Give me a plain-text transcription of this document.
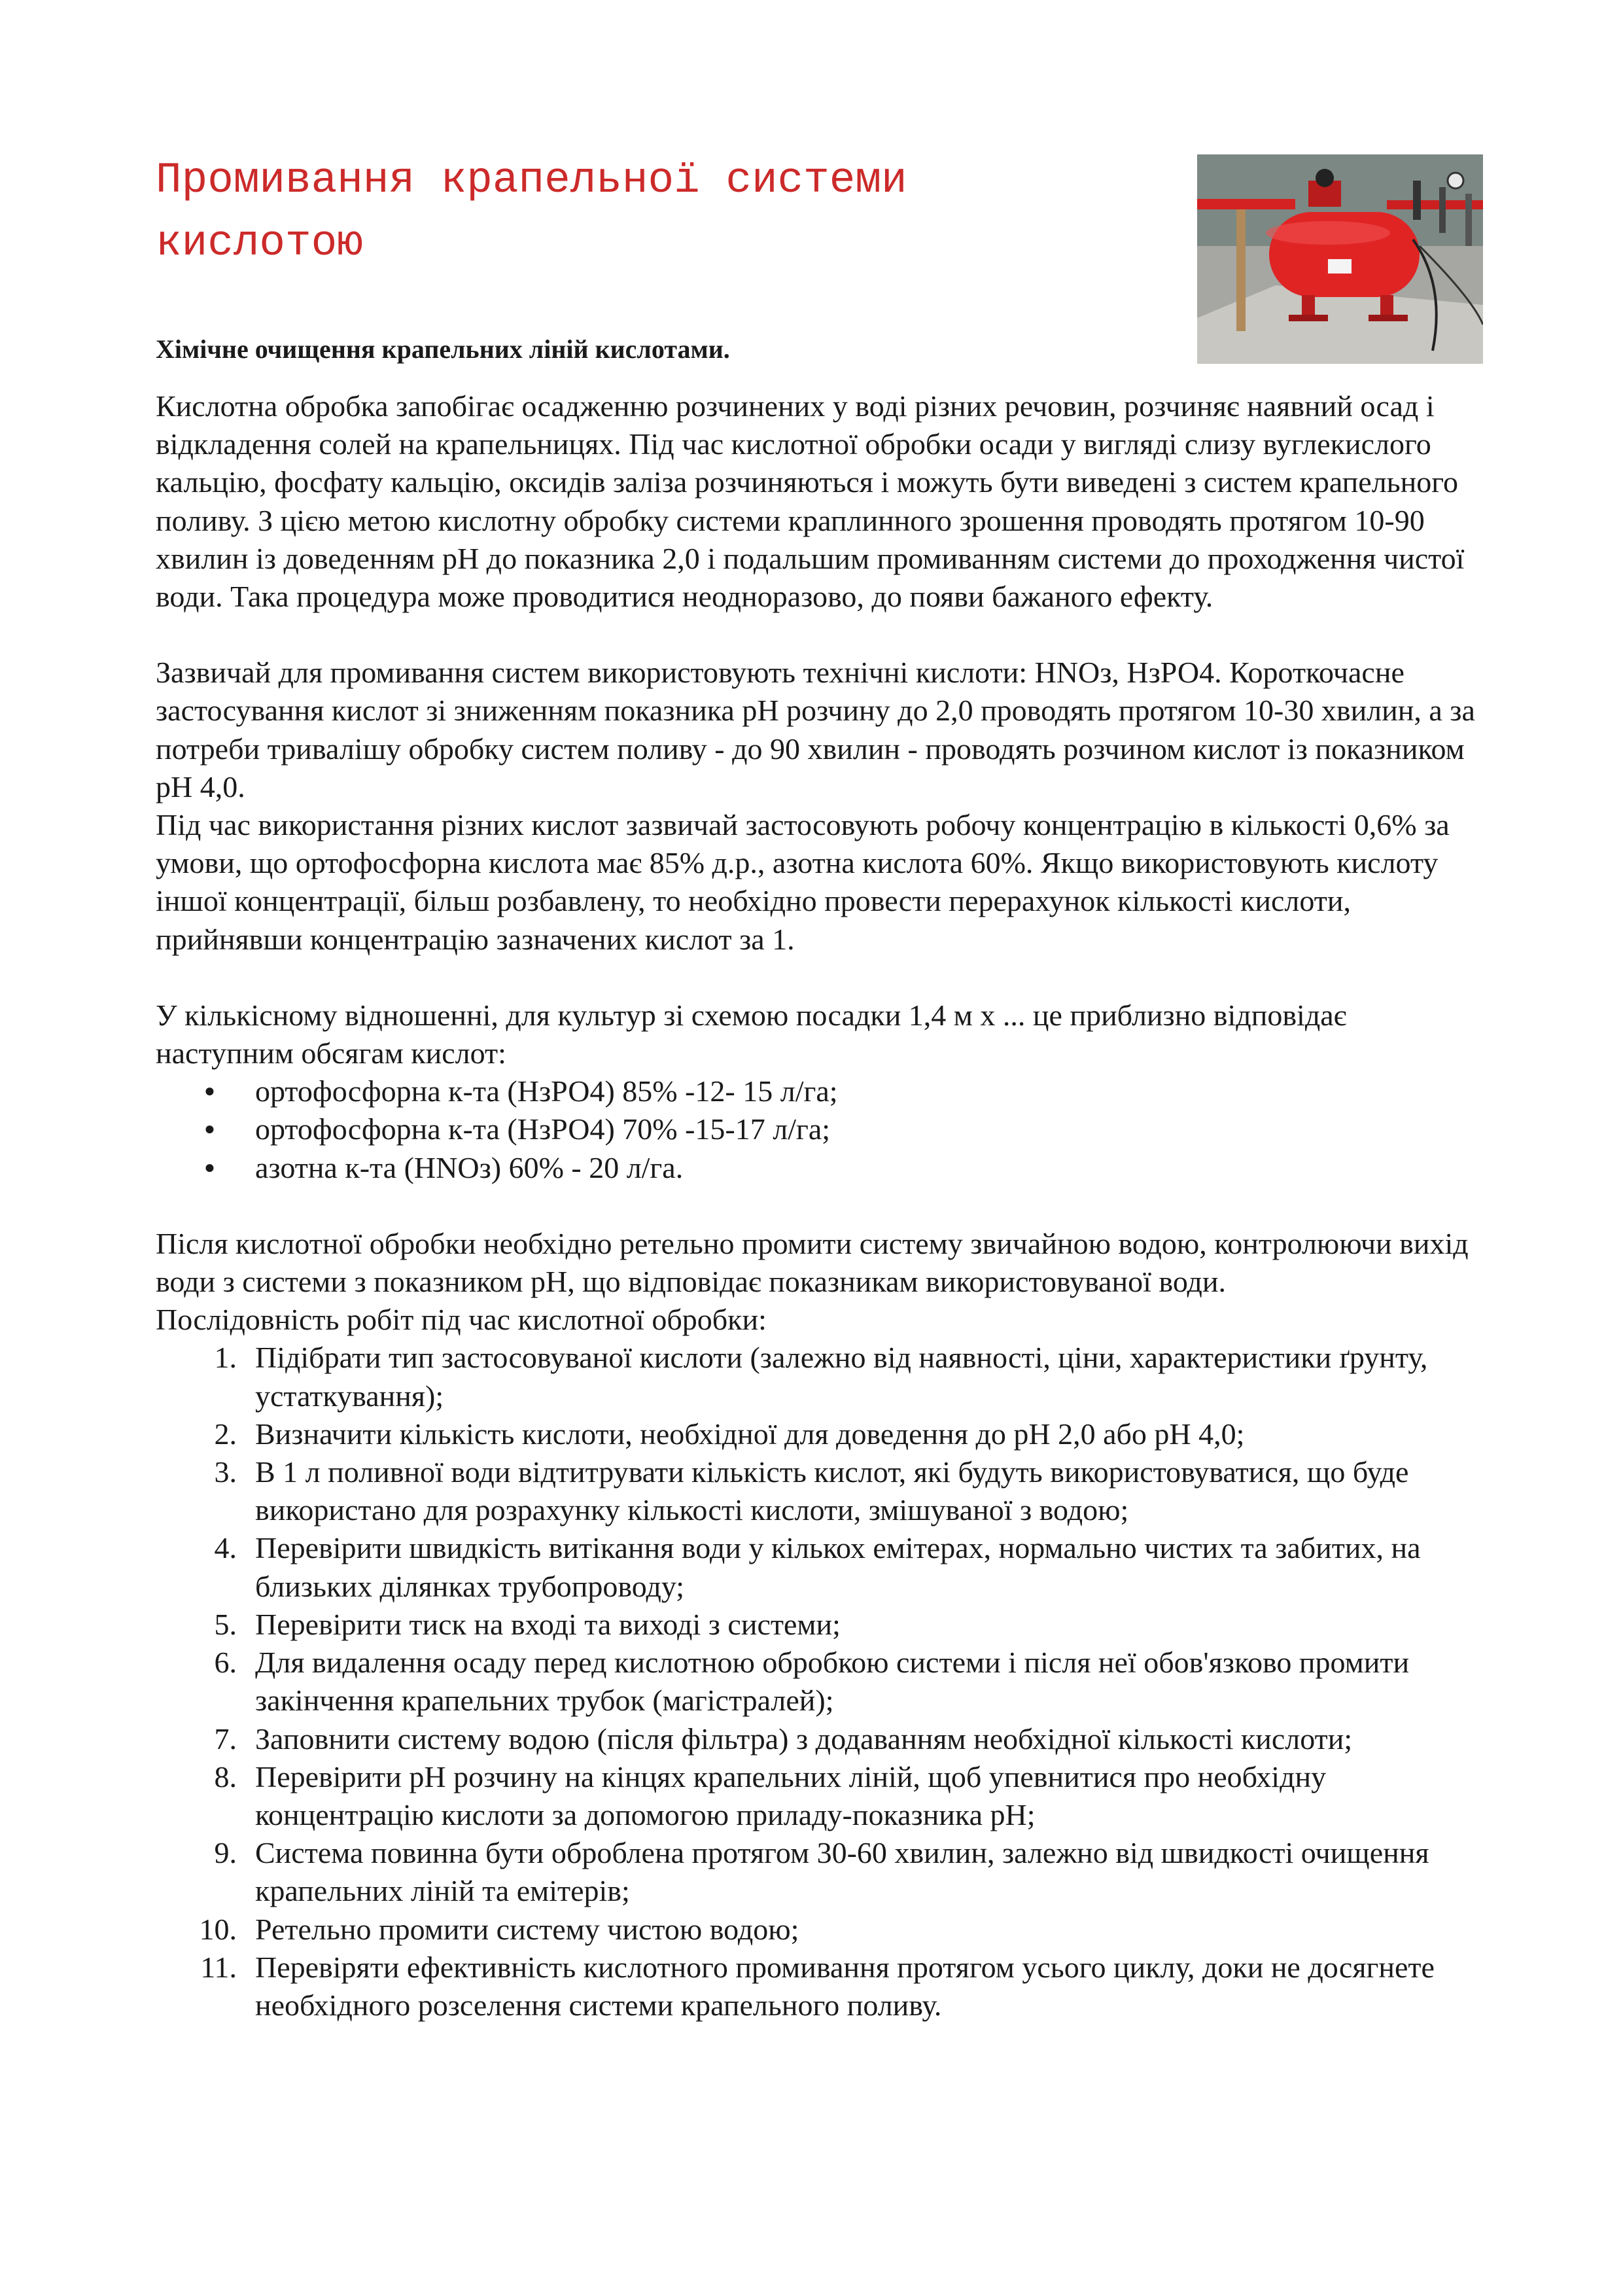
Промивання крапельної системи кислотою
Хімічне очищення крапельних ліній кислотами.

Кислотна обробка запобігає осадженню розчинених у воді різних речовин, розчиняє наявний осад і відкладення солей на крапельницях. Під час кислотної обробки осади у вигляді слизу вуглекислого кальцію, фосфату кальцію, оксидів заліза розчиняються і можуть бути виведені з систем крапельного поливу. З цією метою кислотну обробку системи краплинного зрошення проводять протягом 10-90 хвилин із доведенням pH до показника 2,0 і подальшим промиванням системи до проходження чистої води. Така процедура може проводитися неодноразово, до появи бажаного ефекту.

Зазвичай для промивання систем використовують технічні кислоти: HNOз, НзРО4. Короткочасне застосування кислот зі зниженням показника pH розчину до 2,0 проводять протягом 10-30 хвилин, а за потреби тривалішу обробку систем поливу - до 90 хвилин - проводять розчином кислот із показником pH 4,0.

Під час використання різних кислот зазвичай застосовують робочу концентрацію в кількості 0,6% за умови, що ортофосфорна кислота має 85% д.р., азотна кислота 60%. Якщо використовують кислоту іншої концентрації, більш розбавлену, то необхідно провести перерахунок кількості кислоти, прийнявши концентрацію зазначених кислот за 1.

У кількісному відношенні, для культур зі схемою посадки 1,4 м х ... це приблизно відповідає наступним обсягам кислот:

● ортофосфорна к-та (НзРО4) 85% -12- 15 л/га;
● ортофосфорна к-та (НзРО4) 70% -15-17 л/га;
● азотна к-та (HNOз) 60% - 20 л/га.

Після кислотної обробки необхідно ретельно промити систему звичайною водою, контролюючи вихід води з системи з показником pH, що відповідає показникам використовуваної води.

Послідовність робіт під час кислотної обробки:

1. Підібрати тип застосовуваної кислоти (залежно від наявності, ціни, характеристики ґрунту, устаткування);
2. Визначити кількість кислоти, необхідної для доведення до pH 2,0 або pH 4,0;
3. В 1 л поливної води відтитрувати кількість кислот, які будуть використовуватися, що буде використано для розрахунку кількості кислоти, змішуваної з водою;
4. Перевірити швидкість витікання води у кількох емітерах, нормально чистих та забитих, на близьких ділянках трубопроводу;
5. Перевірити тиск на вході та виході з системи;
6. Для видалення осаду перед кислотною обробкою системи і після неї обов'язково промити закінчення крапельних трубок (магістралей);
7. Заповнити систему водою (після фільтра) з додаванням необхідної кількості кислоти;
8. Перевірити pH розчину на кінцях крапельних ліній, щоб упевнитися про необхідну концентрацію кислоти за допомогою приладу-показника pH;
9. Система повинна бути оброблена протягом 30-60 хвилин, залежно від швидкості очищення крапельних ліній та емітерів;
10. Ретельно промити систему чистою водою;
11. Перевіряти ефективність кислотного промивання протягом усього циклу, доки не досягнете необхідного розселення системи крапельного поливу.
